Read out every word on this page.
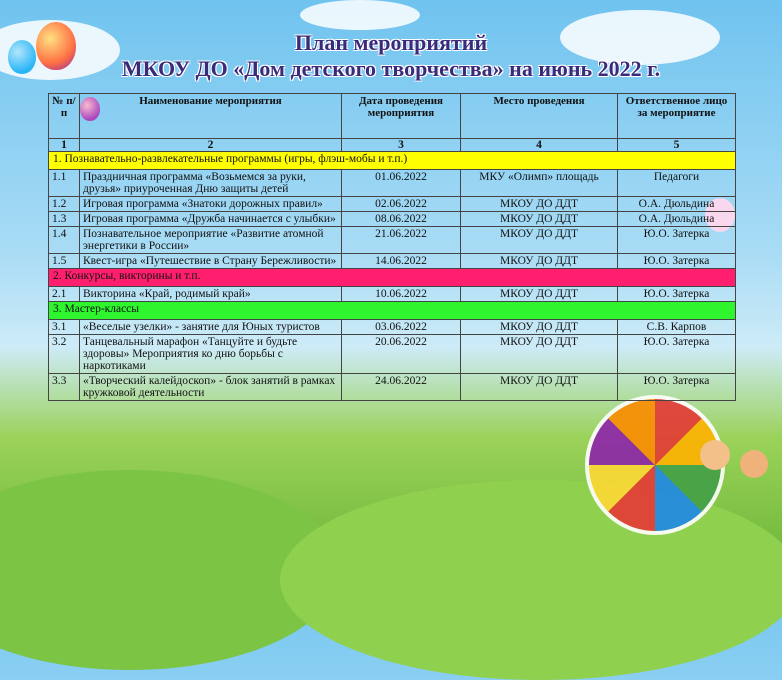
План мероприятий
МКОУ ДО «Дом детского творчества» на июнь 2022 г.
№ п/п	Наименование мероприятия	Дата проведения мероприятия	Место проведения	Ответственное лицо за мероприятие
1	2	3	4	5
1. Познавательно-развлекательные программы (игры, флэш-мобы и т.п.)				
1.1	Праздничная программа «Возьмемся за руки, друзья» приуроченная Дню защиты детей	01.06.2022	МКУ «Олимп» площадь	Педагоги
1.2	Игровая программа «Знатоки дорожных правил»	02.06.2022	МКОУ ДО ДДТ	О.А. Дюльдина
1.3	Игровая программа «Дружба начинается с улыбки»	08.06.2022	МКОУ ДО ДДТ	О.А. Дюльдина
1.4	Познавательное мероприятие «Развитие атомной энергетики в России»	21.06.2022	МКОУ ДО ДДТ	Ю.О. Затерка
1.5	Квест-игра «Путешествие в Страну Бережливости»	14.06.2022	МКОУ ДО ДДТ	Ю.О. Затерка
2. Конкурсы, викторины и т.п.				
2.1	Викторина «Край, родимый край»	10.06.2022	МКОУ ДО ДДТ	Ю.О. Затерка
3. Мастер-классы				
3.1	«Веселые узелки» - занятие для Юных туристов	03.06.2022	МКОУ ДО ДДТ	С.В. Карпов
3.2	Танцевальный марафон «Танцуйте и будьте здоровы» Мероприятия ко дню борьбы с наркотиками	20.06.2022	МКОУ ДО ДДТ	Ю.О. Затерка
3.3	«Творческий калейдоскоп» - блок занятий в рамках кружковой деятельности	24.06.2022	МКОУ ДО ДДТ	Ю.О. Затерка
